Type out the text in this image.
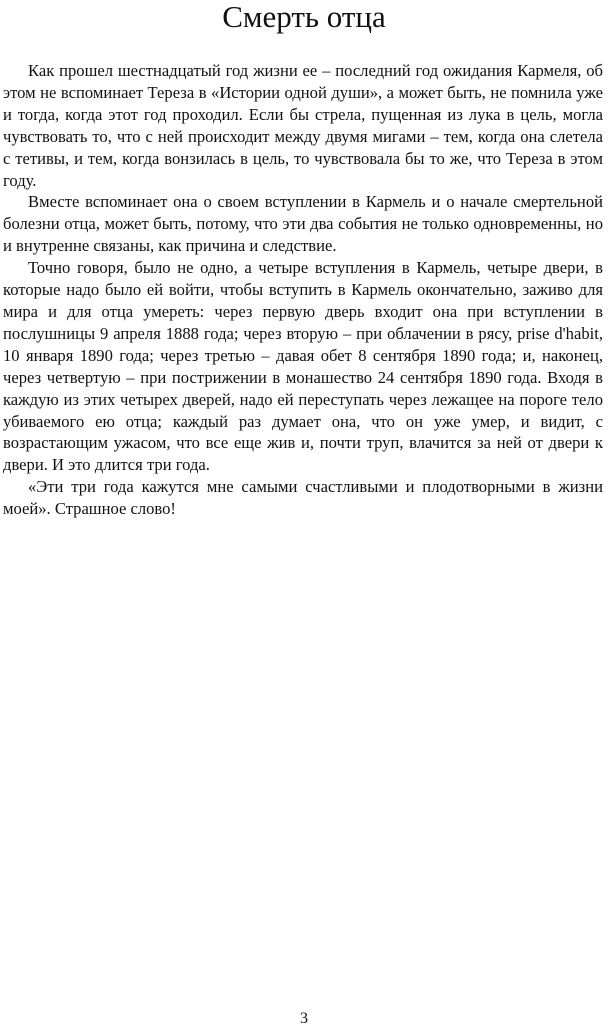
Смерть отца

Как прошел шестнадцатый год жизни ее – последний год ожидания Кармеля, об этом не вспоминает Тереза в «Истории одной души», а может быть, не помнила уже и тогда, когда этот год проходил. Если бы стрела, пущенная из лука в цель, могла чувствовать то, что с ней происходит между двумя мигами – тем, когда она слетела с тетивы, и тем, когда вонзилась в цель, то чувствовала бы то же, что Тереза в этом году.

Вместе вспоминает она о своем вступлении в Кармель и о начале смертельной болезни отца, может быть, потому, что эти два события не только одновременны, но и внутренне связаны, как причина и следствие.

Точно говоря, было не одно, а четыре вступления в Кармель, четыре двери, в которые надо было ей войти, чтобы вступить в Кармель окончательно, заживо для мира и для отца умереть: через первую дверь входит она при вступлении в послушницы 9 апреля 1888 года; через вторую – при облачении в рясу, prise d'habit, 10 января 1890 года; через третью – давая обет 8 сентября 1890 года; и, наконец, через четвертую – при пострижении в монашество 24 сентября 1890 года. Входя в каждую из этих четырех дверей, надо ей переступать через лежащее на пороге тело убиваемого ею отца; каждый раз думает она, что он уже умер, и видит, с возрастающим ужасом, что все еще жив и, почти труп, влачится за ней от двери к двери. И это длится три года.

«Эти три года кажутся мне самыми счастливыми и плодотворными в жизни моей». Страшное слово!

3
